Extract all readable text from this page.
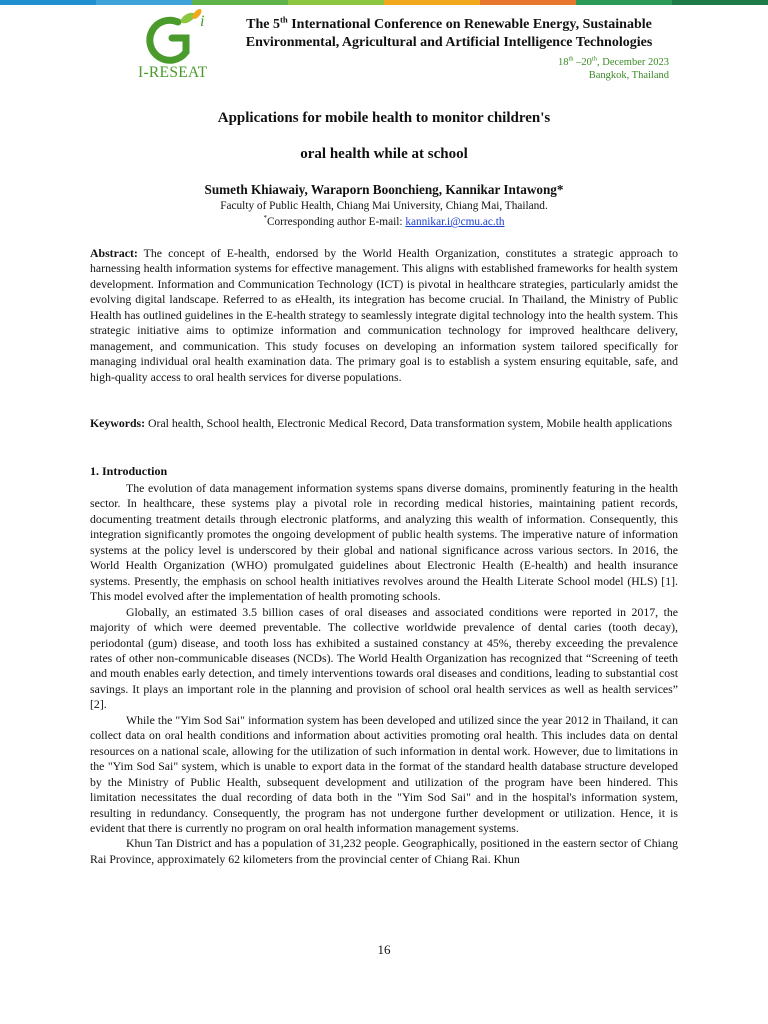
i
I-RESEAT
The 5th International Conference on Renewable Energy, Sustainable Environmental, Agricultural and Artificial Intelligence Technologies
18th –20th, December 2023
Bangkok, Thailand
Applications for mobile health to monitor children's
oral health while at school
Sumeth Khiawaiy, Waraporn Boonchieng, Kannikar Intawong*
Faculty of Public Health, Chiang Mai University, Chiang Mai, Thailand.
*Corresponding author E-mail: kannikar.i@cmu.ac.th

Abstract: The concept of E-health, endorsed by the World Health Organization, constitutes a strategic approach to harnessing health information systems for effective management. This aligns with established frameworks for health system development. Information and Communication Technology (ICT) is pivotal in healthcare strategies, particularly amidst the evolving digital landscape. Referred to as eHealth, its integration has become crucial. In Thailand, the Ministry of Public Health has outlined guidelines in the E-health strategy to seamlessly integrate digital technology into the health system. This strategic initiative aims to optimize information and communication technology for improved healthcare delivery, management, and communication. This study focuses on developing an information system tailored specifically for managing individual oral health examination data. The primary goal is to establish a system ensuring equitable, safe, and high-quality access to oral health services for diverse populations.

Keywords: Oral health, School health, Electronic Medical Record, Data transformation system, Mobile health applications

1. Introduction

The evolution of data management information systems spans diverse domains, prominently featuring in the health sector. In healthcare, these systems play a pivotal role in recording medical histories, maintaining patient records, documenting treatment details through electronic platforms, and analyzing this wealth of information. Consequently, this integration significantly promotes the ongoing development of public health systems. The imperative nature of information systems at the policy level is underscored by their global and national significance across various sectors. In 2016, the World Health Organization (WHO) promulgated guidelines about Electronic Health (E-health) and health insurance systems. Presently, the emphasis on school health initiatives revolves around the Health Literate School model (HLS) [1]. This model evolved after the implementation of health promoting schools.

Globally, an estimated 3.5 billion cases of oral diseases and associated conditions were reported in 2017, the majority of which were deemed preventable. The collective worldwide prevalence of dental caries (tooth decay), periodontal (gum) disease, and tooth loss has exhibited a sustained constancy at 45%, thereby exceeding the prevalence rates of other non-communicable diseases (NCDs). The World Health Organization has recognized that “Screening of teeth and mouth enables early detection, and timely interventions towards oral diseases and conditions, leading to substantial cost savings. It plays an important role in the planning and provision of school oral health services as well as health services” [2].

While the "Yim Sod Sai" information system has been developed and utilized since the year 2012 in Thailand, it can collect data on oral health conditions and information about activities promoting oral health. This includes data on dental resources on a national scale, allowing for the utilization of such information in dental work. However, due to limitations in the "Yim Sod Sai" system, which is unable to export data in the format of the standard health database structure developed by the Ministry of Public Health, subsequent development and utilization of the program have been hindered. This limitation necessitates the dual recording of data both in the "Yim Sod Sai" and in the hospital's information system, resulting in redundancy. Consequently, the program has not undergone further development or utilization. Hence, it is evident that there is currently no program on oral health information management systems.

Khun Tan District and has a population of 31,232 people. Geographically, positioned in the eastern sector of Chiang Rai Province, approximately 62 kilometers from the provincial center of Chiang Rai. Khun

16
